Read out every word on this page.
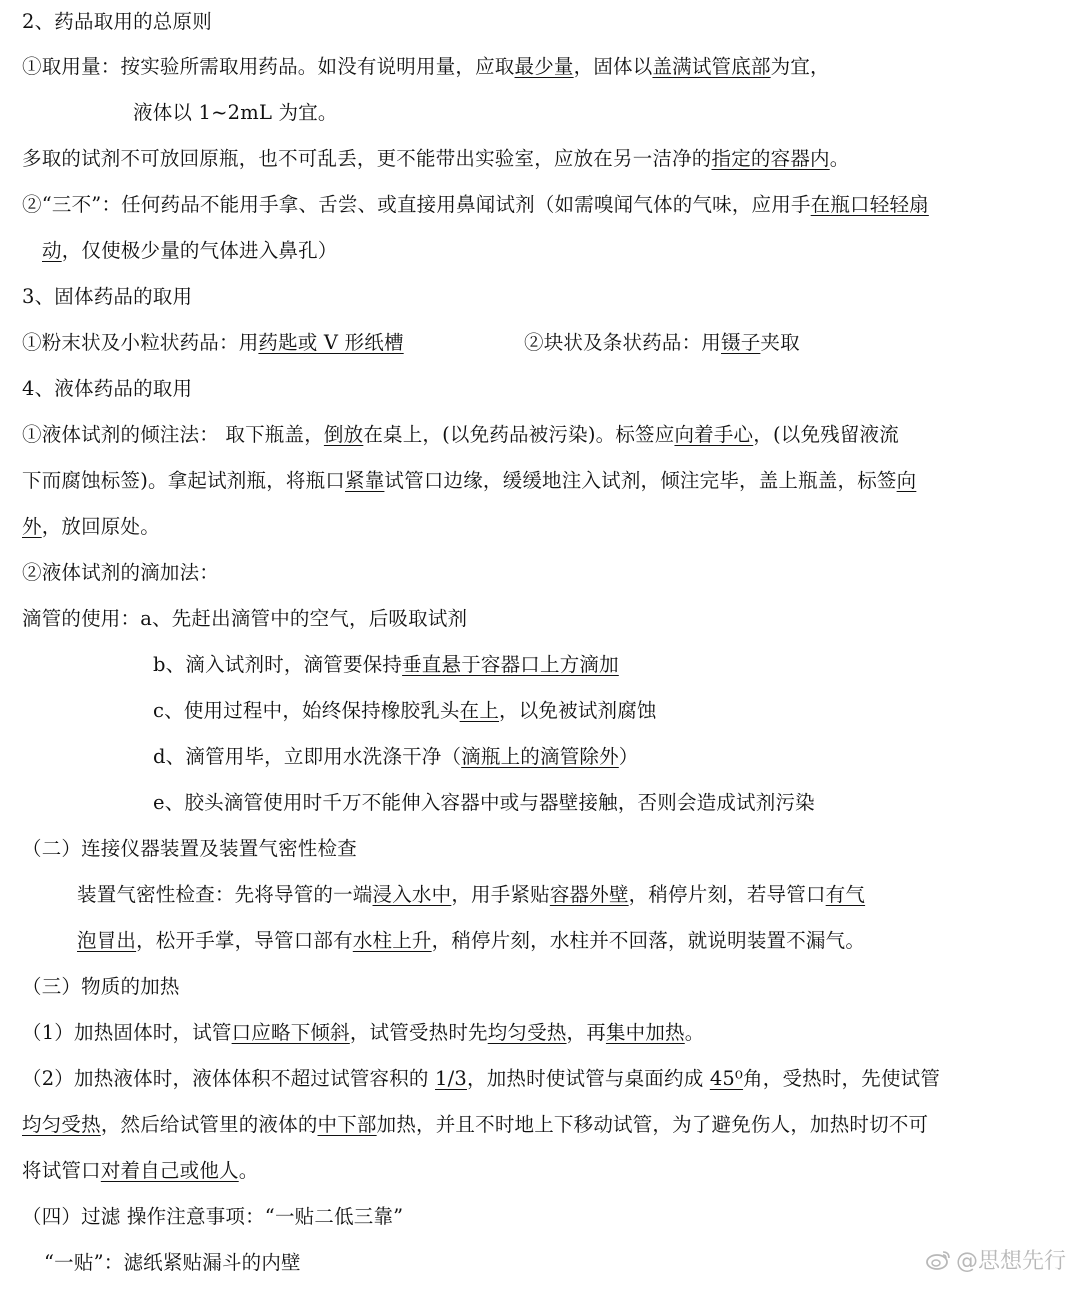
2、药品取用的总原则
①取用量：按实验所需取用药品。如没有说明用量，应取最少量，固体以盖满试管底部为宜，
液体以 1~2mL 为宜。
多取的试剂不可放回原瓶，也不可乱丢，更不能带出实验室，应放在另一洁净的指定的容器内。
②“三不”：任何药品不能用手拿、舌尝、或直接用鼻闻试剂（如需嗅闻气体的气味，应用手在瓶口轻轻扇
动，仅使极少量的气体进入鼻孔）
3、固体药品的取用
①粉末状及小粒状药品：用药匙或 V 形纸槽	②块状及条状药品：用镊子夹取
4、液体药品的取用
①液体试剂的倾注法： 取下瓶盖，倒放在桌上，(以免药品被污染)。标签应向着手心，(以免残留液流
下而腐蚀标签)。拿起试剂瓶，将瓶口紧靠试管口边缘，缓缓地注入试剂，倾注完毕，盖上瓶盖，标签向
外，放回原处。
②液体试剂的滴加法：
滴管的使用：a、先赶出滴管中的空气，后吸取试剂
b、滴入试剂时，滴管要保持垂直悬于容器口上方滴加
c、使用过程中，始终保持橡胶乳头在上，以免被试剂腐蚀
d、滴管用毕，立即用水洗涤干净（滴瓶上的滴管除外）
e、胶头滴管使用时千万不能伸入容器中或与器壁接触，否则会造成试剂污染
（二）连接仪器装置及装置气密性检查
装置气密性检查：先将导管的一端浸入水中，用手紧贴容器外壁，稍停片刻，若导管口有气
泡冒出，松开手掌，导管口部有水柱上升，稍停片刻，水柱并不回落，就说明装置不漏气。
（三）物质的加热
（1）加热固体时，试管口应略下倾斜，试管受热时先均匀受热，再集中加热。
（2）加热液体时，液体体积不超过试管容积的 1/3，加热时使试管与桌面约成 45⁰角，受热时，先使试管
均匀受热，然后给试管里的液体的中下部加热，并且不时地上下移动试管，为了避免伤人，加热时切不可
将试管口对着自己或他人。
（四）过滤 操作注意事项：“一贴二低三靠”
“一贴”：滤纸紧贴漏斗的内壁	@思想先行
